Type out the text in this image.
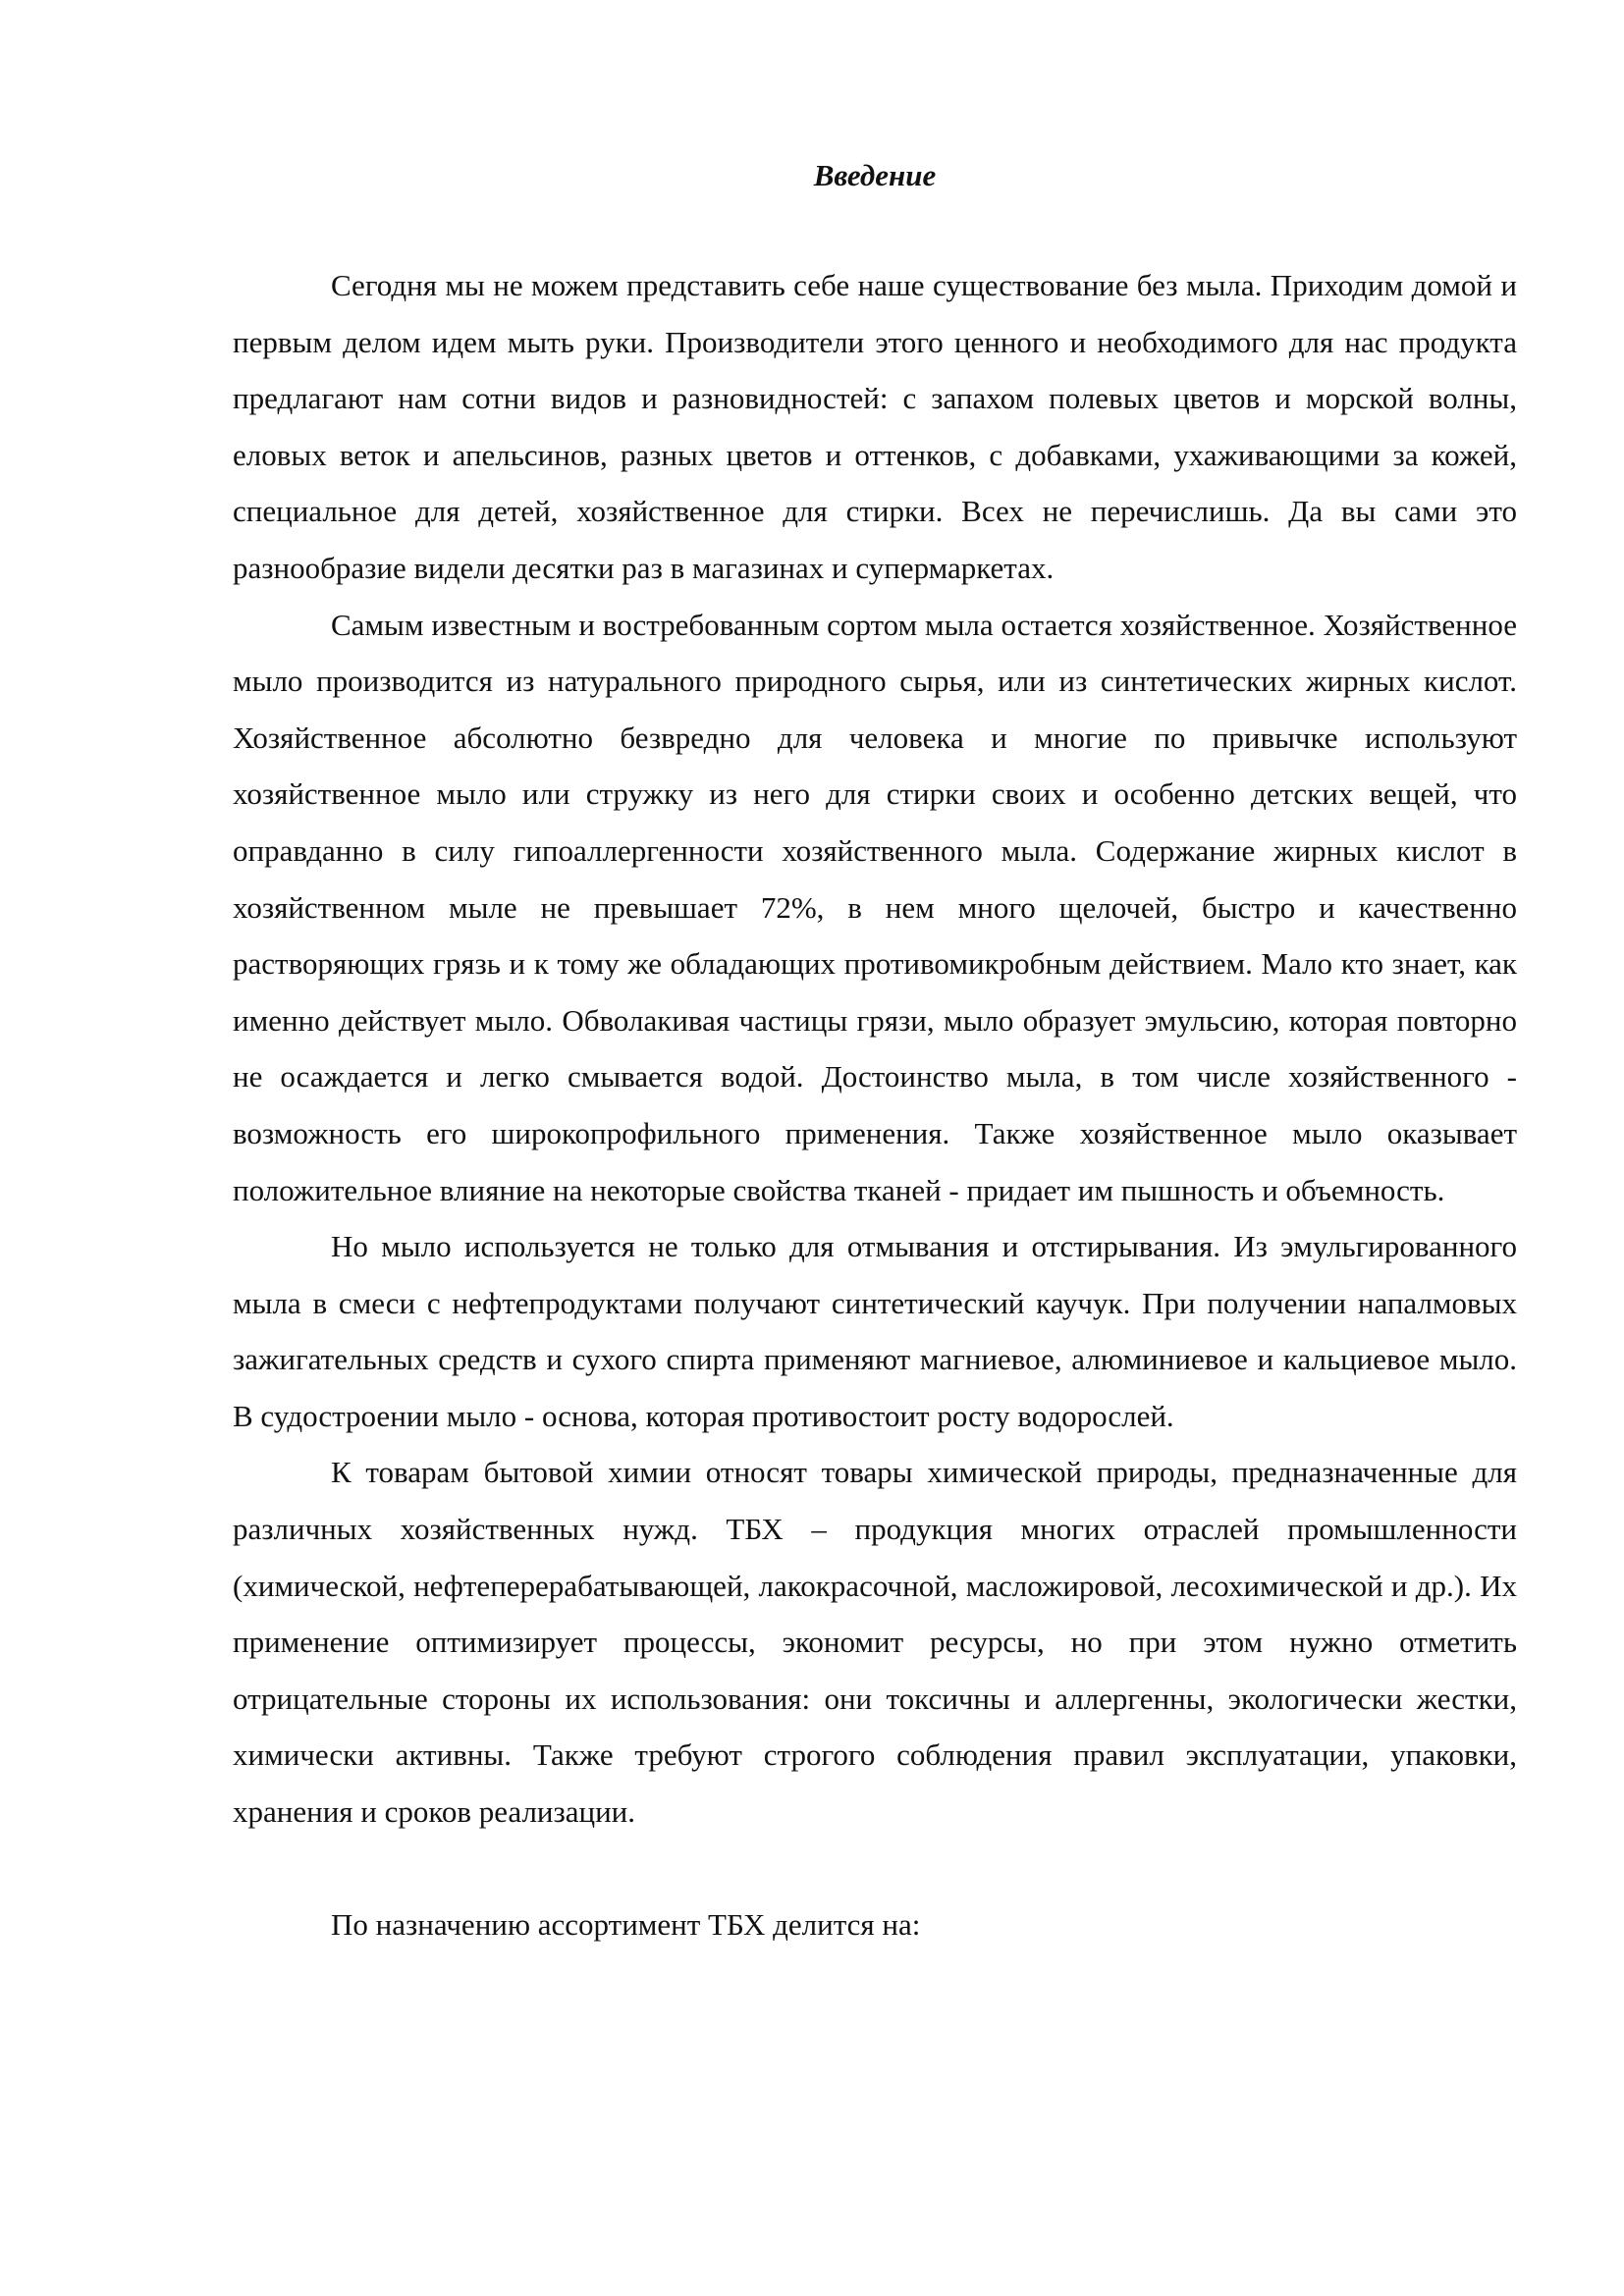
Введение

Сегодня мы не можем представить себе наше существование без мыла. Приходим домой и первым делом идем мыть руки. Производители этого ценного и необходимого для нас продукта предлагают нам сотни видов и разновидностей: с запахом полевых цветов и морской волны, еловых веток и апельсинов, разных цветов и оттенков, с добавками, ухаживающими за кожей, специальное для детей, хозяйственное для стирки. Всех не перечислишь. Да вы сами это разнообразие видели десятки раз в магазинах и супермаркетах.

Самым известным и востребованным сортом мыла остается хозяйственное. Хозяйственное мыло производится из натурального природного сырья, или из синтетических жирных кислот. Хозяйственное абсолютно безвредно для человека и многие по привычке используют хозяйственное мыло или стружку из него для стирки своих и особенно детских вещей, что оправданно в силу гипоаллергенности хозяйственного мыла. Содержание жирных кислот в хозяйственном мыле не превышает 72%, в нем много щелочей, быстро и качественно растворяющих грязь и к тому же обладающих противомикробным действием. Мало кто знает, как именно действует мыло. Обволакивая частицы грязи, мыло образует эмульсию, которая повторно не осаждается и легко смывается водой. Достоинство мыла, в том числе хозяйственного - возможность его широкопрофильного применения. Также хозяйственное мыло оказывает положительное влияние на некоторые свойства тканей - придает им пышность и объемность.

Но мыло используется не только для отмывания и отстирывания. Из эмульгированного мыла в смеси с нефтепродуктами получают синтетический каучук. При получении напалмовых зажигательных средств и сухого спирта применяют магниевое, алюминиевое и кальциевое мыло. В судостроении мыло - основа, которая противостоит росту водорослей.

К товарам бытовой химии относят товары химической природы, предназначенные для различных хозяйственных нужд. ТБХ – продукция многих отраслей промышленности (химической, нефтеперерабатывающей, лакокрасочной, масложировой, лесохимической и др.). Их применение оптимизирует процессы, экономит ресурсы, но при этом нужно отметить отрицательные стороны их использования: они токсичны и аллергенны, экологически жестки, химически активны. Также требуют строгого соблюдения правил эксплуатации, упаковки, хранения и сроков реализации.

По назначению ассортимент ТБХ делится на:
